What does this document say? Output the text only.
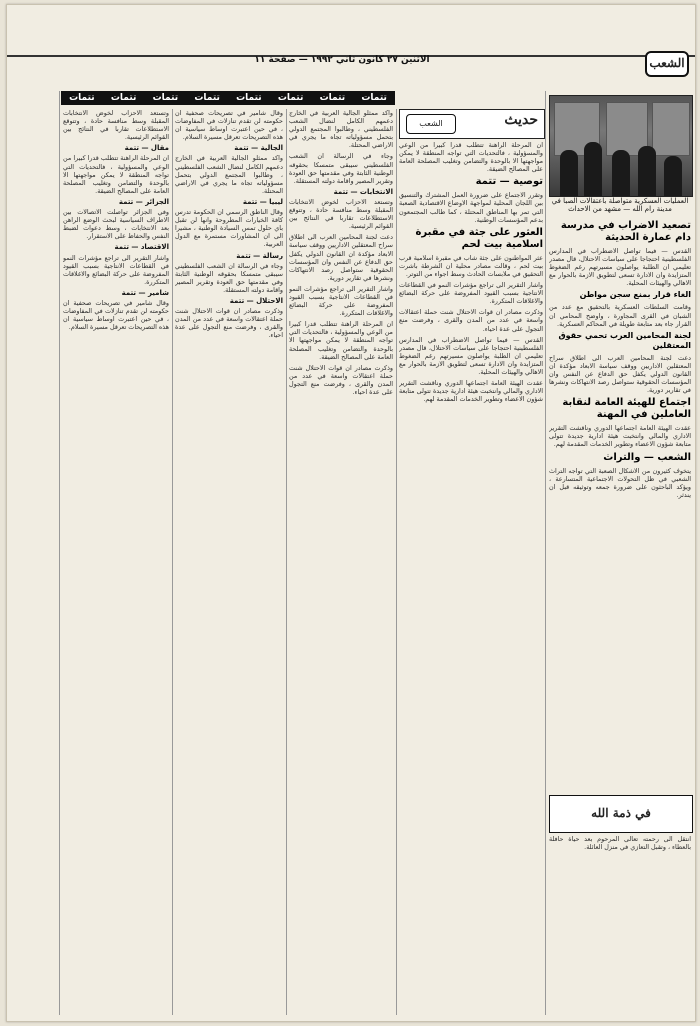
الاثنين ٢٧ كانون ثاني ١٩٩٢ — صفحة ١١	الشعب
تتمات
تتمات
تتمات
تتمات
تتمات
تتمات
تتمات
تتمات
حديث
الشعب
العمليات العسكرية متواصلة باعتقالات الصبا في مدينة رام الله — مشهد من الاحداث
تصعيد الاضراب في مدرسة دام عمارة الحديثة

القدس — فيما تواصل الاضطراب في المدارس الفلسطينية احتجاجا على سياسات الاحتلال، قال مصدر تعليمي ان الطلبة يواصلون مسيرتهم رغم الضغوط المتزايدة وان الادارة تسعى لتطويق الازمة بالحوار مع الاهالي والهيئات المحلية.

الغاء قرار بمنع سجن مواطن

وقامت السلطات العسكرية بالتحقيق مع عدد من الشبان في القرى المجاورة ، واوضح المحامي ان القرار جاء بعد متابعة طويلة في المحاكم العسكرية.

لجنة المحامين العرب تحمي حقوق المعتقلين

دعت لجنة المحامين العرب الى اطلاق سراح المعتقلين الاداريين ووقف سياسة الابعاد مؤكدة ان القانون الدولي يكفل حق الدفاع عن النفس وان المؤسسات الحقوقية ستواصل رصد الانتهاكات ونشرها في تقارير دورية.

اجتماع للهيئة العامة لنقابة العاملين في المهنة

عقدت الهيئة العامة اجتماعها الدوري وناقشت التقرير الاداري والمالي وانتخبت هيئة ادارية جديدة تتولى متابعة شؤون الاعضاء وتطوير الخدمات المقدمة لهم.

الشعب — والتراث

يتخوف كثيرون من الاشكال الصعبة التي تواجه التراث الشعبي في ظل التحولات الاجتماعية المتسارعة ، ويؤكد الباحثون على ضرورة جمعه وتوثيقه قبل ان يندثر.

في ذمة الله

انتقل الى رحمته تعالى المرحوم بعد حياة حافلة بالعطاء ، وتقبل التعازي في منزل العائلة.

ان المرحلة الراهنة تتطلب قدرا كبيرا من الوعي والمسؤولية ، فالتحديات التي تواجه المنطقة لا يمكن مواجهتها الا بالوحدة والتضامن وتغليب المصلحة العامة على المصالح الضيقة.

توصية — تتمة

وتقرر الاجتماع على ضرورة العمل المشترك والتنسيق بين اللجان المحلية لمواجهة الاوضاع الاقتصادية الصعبة التي تمر بها المناطق المحتلة ، كما طالب المجتمعون بدعم المؤسسات الوطنية.

العثور على جثة في مقبرة اسلامية بيت لحم

عثر المواطنون على جثة شاب في مقبرة اسلامية قرب بيت لحم ، وقالت مصادر محلية ان الشرطة باشرت التحقيق في ملابسات الحادث وسط اجواء من التوتر.

واشار التقرير الى تراجع مؤشرات النمو في القطاعات الانتاجية بسبب القيود المفروضة على حركة البضائع والاغلاقات المتكررة.

وذكرت مصادر ان قوات الاحتلال شنت حملة اعتقالات واسعة في عدد من المدن والقرى ، وفرضت منع التجول على عدة احياء.

القدس — فيما تواصل الاضطراب في المدارس الفلسطينية احتجاجا على سياسات الاحتلال، قال مصدر تعليمي ان الطلبة يواصلون مسيرتهم رغم الضغوط المتزايدة وان الادارة تسعى لتطويق الازمة بالحوار مع الاهالي والهيئات المحلية.

عقدت الهيئة العامة اجتماعها الدوري وناقشت التقرير الاداري والمالي وانتخبت هيئة ادارية جديدة تتولى متابعة شؤون الاعضاء وتطوير الخدمات المقدمة لهم.

واكد ممثلو الجالية العربية في الخارج دعمهم الكامل لنضال الشعب الفلسطيني ، وطالبوا المجتمع الدولي بتحمل مسؤولياته تجاه ما يجري في الاراضي المحتلة.

وجاء في الرسالة ان الشعب الفلسطيني سيبقى متمسكا بحقوقه الوطنية الثابتة وفي مقدمتها حق العودة وتقرير المصير واقامة دولته المستقلة.

الانتخابات — تتمة

وتستعد الاحزاب لخوض الانتخابات المقبلة وسط منافسة حادة ، وتتوقع الاستطلاعات تقاربا في النتائج بين القوائم الرئيسية.

دعت لجنة المحامين العرب الى اطلاق سراح المعتقلين الاداريين ووقف سياسة الابعاد مؤكدة ان القانون الدولي يكفل حق الدفاع عن النفس وان المؤسسات الحقوقية ستواصل رصد الانتهاكات ونشرها في تقارير دورية.

واشار التقرير الى تراجع مؤشرات النمو في القطاعات الانتاجية بسبب القيود المفروضة على حركة البضائع والاغلاقات المتكررة.

ان المرحلة الراهنة تتطلب قدرا كبيرا من الوعي والمسؤولية ، فالتحديات التي تواجه المنطقة لا يمكن مواجهتها الا بالوحدة والتضامن وتغليب المصلحة العامة على المصالح الضيقة.

وذكرت مصادر ان قوات الاحتلال شنت حملة اعتقالات واسعة في عدد من المدن والقرى ، وفرضت منع التجول على عدة احياء.

وقال شامير في تصريحات صحفية ان حكومته لن تقدم تنازلات في المفاوضات ، في حين اعتبرت اوساط سياسية ان هذه التصريحات تعرقل مسيرة السلام.

الجالية — تتمة

واكد ممثلو الجالية العربية في الخارج دعمهم الكامل لنضال الشعب الفلسطيني ، وطالبوا المجتمع الدولي بتحمل مسؤولياته تجاه ما يجري في الاراضي المحتلة.

ليبيا — تتمة

وقال الناطق الرسمي ان الحكومة تدرس كافة الخيارات المطروحة وانها لن تقبل باي حلول تمس السيادة الوطنية ، مشيرا الى ان المشاورات مستمرة مع الدول العربية.

رسالة — تتمة

وجاء في الرسالة ان الشعب الفلسطيني سيبقى متمسكا بحقوقه الوطنية الثابتة وفي مقدمتها حق العودة وتقرير المصير واقامة دولته المستقلة.

الاحتلال — تتمة

وذكرت مصادر ان قوات الاحتلال شنت حملة اعتقالات واسعة في عدد من المدن والقرى ، وفرضت منع التجول على عدة احياء.

وتستعد الاحزاب لخوض الانتخابات المقبلة وسط منافسة حادة ، وتتوقع الاستطلاعات تقاربا في النتائج بين القوائم الرئيسية.

مقال — تتمة

ان المرحلة الراهنة تتطلب قدرا كبيرا من الوعي والمسؤولية ، فالتحديات التي تواجه المنطقة لا يمكن مواجهتها الا بالوحدة والتضامن وتغليب المصلحة العامة على المصالح الضيقة.

الجزائر — تتمة

وفي الجزائر تواصلت الاتصالات بين الاطراف السياسية لبحث الوضع الراهن بعد الانتخابات ، وسط دعوات لضبط النفس والحفاظ على الاستقرار.

الاقتصاد — تتمة

واشار التقرير الى تراجع مؤشرات النمو في القطاعات الانتاجية بسبب القيود المفروضة على حركة البضائع والاغلاقات المتكررة.

شامير — تتمة

وقال شامير في تصريحات صحفية ان حكومته لن تقدم تنازلات في المفاوضات ، في حين اعتبرت اوساط سياسية ان هذه التصريحات تعرقل مسيرة السلام.
